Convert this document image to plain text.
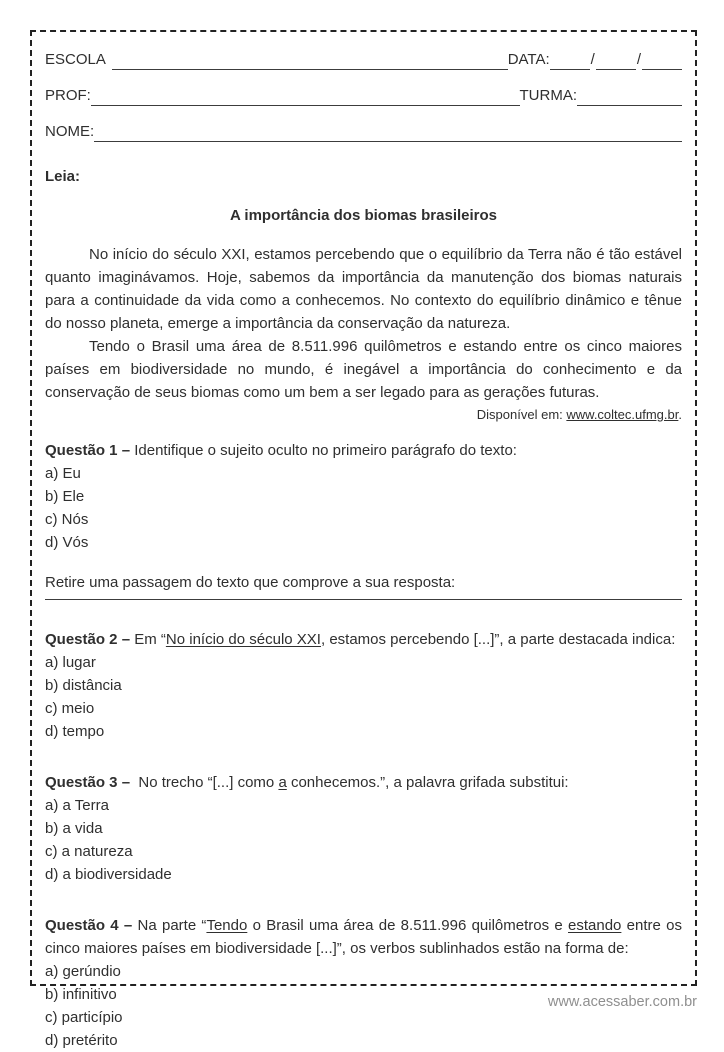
ESCOLA	DATA:	/	/
PROF:	TURMA:
NOME:

Leia:

A importância dos biomas brasileiros

No início do século XXI, estamos percebendo que o equilíbrio da Terra não é tão estável quanto imaginávamos. Hoje, sabemos da importância da manutenção dos biomas naturais para a continuidade da vida como a conhecemos. No contexto do equilíbrio dinâmico e tênue do nosso planeta, emerge a importância da conservação da natureza.

Tendo o Brasil uma área de 8.511.996 quilômetros e estando entre os cinco maiores países em biodiversidade no mundo, é inegável a importância do conhecimento e da conservação de seus biomas como um bem a ser legado para as gerações futuras.

Disponível em: www.coltec.ufmg.br.

Questão 1 – Identifique o sujeito oculto no primeiro parágrafo do texto:

a) Eu
b) Ele
c) Nós
d) Vós

Retire uma passagem do texto que comprove a sua resposta:

Questão 2 – Em “No início do século XXI, estamos percebendo [...]”, a parte destacada indica:

a) lugar
b) distância
c) meio
d) tempo

Questão 3 –  No trecho “[...] como a conhecemos.”, a palavra grifada substitui:

a) a Terra
b) a vida
c) a natureza
d) a biodiversidade

Questão 4 – Na parte “Tendo o Brasil uma área de 8.511.996 quilômetros e estando entre os cinco maiores países em biodiversidade [...]”, os verbos sublinhados estão na forma de:

a) gerúndio
b) infinitivo
c) particípio
d) pretérito
www.acessaber.com.br
